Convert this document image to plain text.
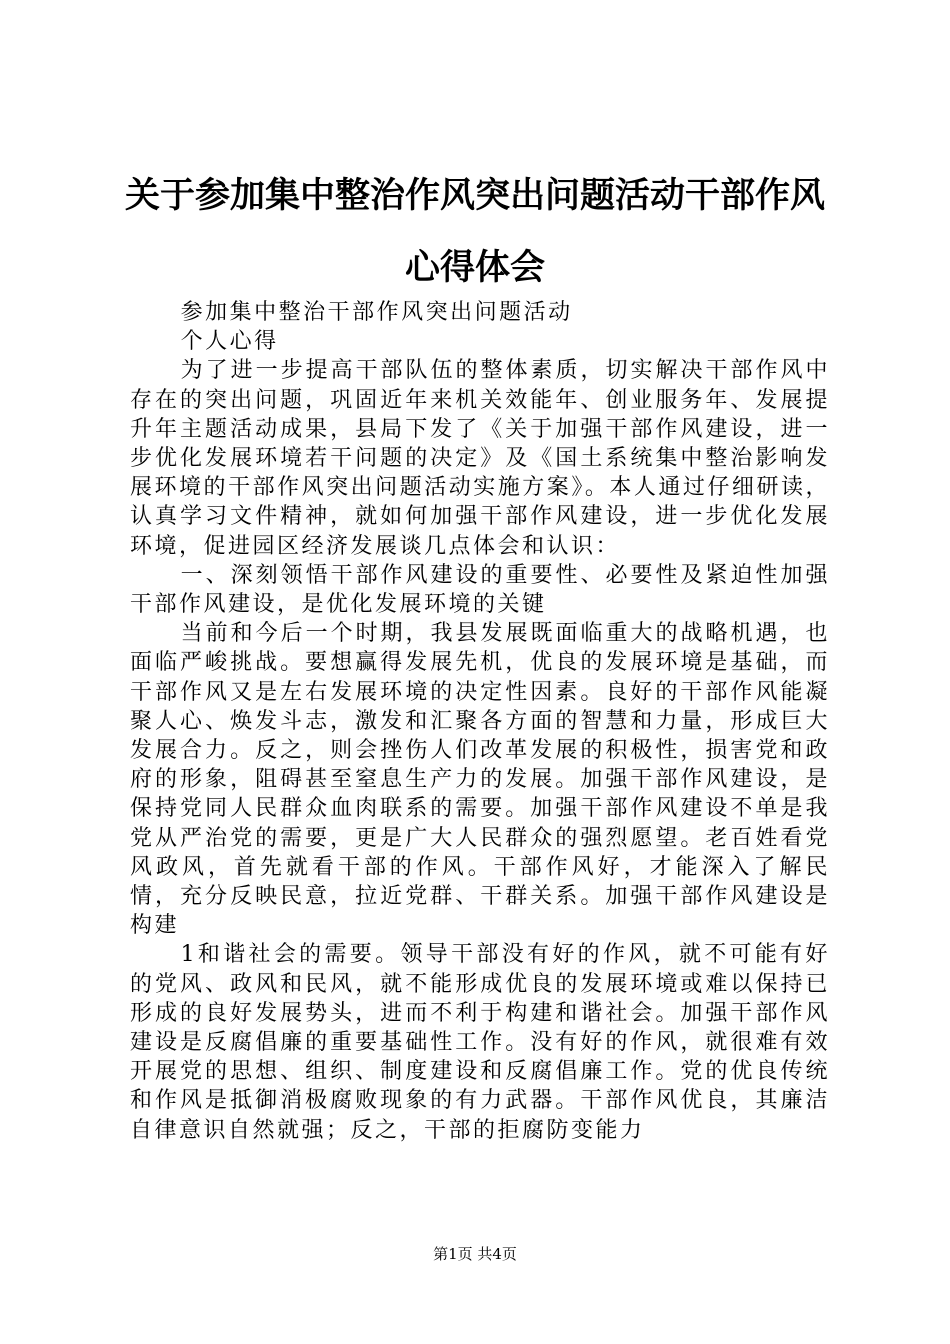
关于参加集中整治作风突出问题活动干部作风
心得体会

参加集中整治干部作风突出问题活动

个人心得

为了进一步提高干部队伍的整体素质，切实解决干部作风中存在的突出问题，巩固近年来机关效能年、创业服务年、发展提升年主题活动成果，县局下发了《关于加强干部作风建设，进一步优化发展环境若干问题的决定》及《国土系统集中整治影响发展环境的干部作风突出问题活动实施方案》。本人通过仔细研读，认真学习文件精神，就如何加强干部作风建设，进一步优化发展环境，促进园区经济发展谈几点体会和认识：

一、深刻领悟干部作风建设的重要性、必要性及紧迫性加强干部作风建设，是优化发展环境的关键

当前和今后一个时期，我县发展既面临重大的战略机遇，也面临严峻挑战。要想赢得发展先机，优良的发展环境是基础，而干部作风又是左右发展环境的决定性因素。良好的干部作风能凝聚人心、焕发斗志，激发和汇聚各方面的智慧和力量，形成巨大发展合力。反之，则会挫伤人们改革发展的积极性，损害党和政府的形象，阻碍甚至窒息生产力的发展。加强干部作风建设，是保持党同人民群众血肉联系的需要。加强干部作风建设不单是我党从严治党的需要，更是广大人民群众的强烈愿望。老百姓看党风政风，首先就看干部的作风。干部作风好，才能深入了解民情，充分反映民意，拉近党群、干群关系。加强干部作风建设是构建

1和谐社会的需要。领导干部没有好的作风，就不可能有好的党风、政风和民风，就不能形成优良的发展环境或难以保持已形成的良好发展势头，进而不利于构建和谐社会。加强干部作风建设是反腐倡廉的重要基础性工作。没有好的作风，就很难有效开展党的思想、组织、制度建设和反腐倡廉工作。党的优良传统和作风是抵御消极腐败现象的有力武器。干部作风优良，其廉洁自律意识自然就强；反之，干部的拒腐防变能力

第1页 共4页
